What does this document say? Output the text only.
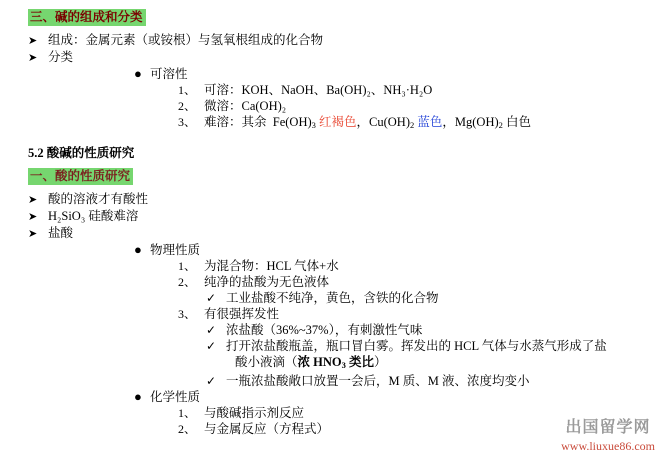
三、碱的组成和分类
➤ 组成：金属元素（或铵根）与氢氧根组成的化合物
➤ 分类
● 可溶性
1、 可溶：KOH、NaOH、Ba(OH)₂、NH₃·H₂O
2、 微溶：Ca(OH)₂
3、 难溶：其余  $Fe(OH)_3$ 红褐色，$Cu(OH)_2$ 蓝色，$Mg(OH)_2$ 白色
5.2 酸碱的性质研究
一、酸的性质研究
➤ 酸的溶液才有酸性
➤ H₂SiO₃ 硅酸难溶
➤ 盐酸
● 物理性质
1、 为混合物：HCL 气体+水
2、 纯净的盐酸为无色液体
✓ 工业盐酸不纯净，黄色，含铁的化合物
3、 有很强挥发性
✓ 浓盐酸（36%~37%），有刺激性气味
✓ 打开浓盐酸瓶盖，瓶口冒白雾。挥发出的 HCL 气体与水蒸气形成了盐
酸小液滴（浓 $HNO_3$ 类比）
✓ 一瓶浓盐酸敞口放置一会后，M 质、M 液、浓度均变小
● 化学性质
1、 与酸碱指示剂反应
2、 与金属反应（方程式）	出国留学网
www.liuxue86.com
